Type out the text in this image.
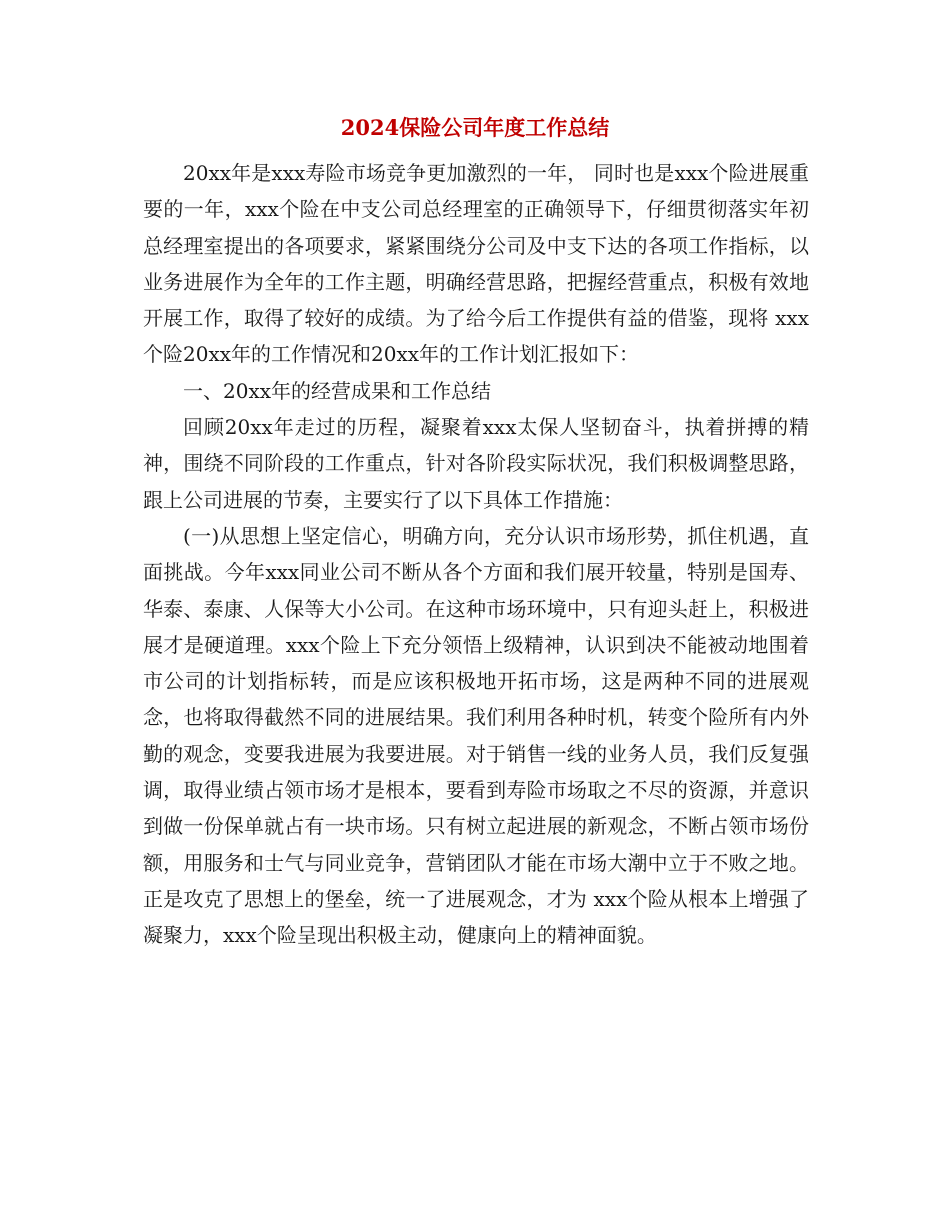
2024保险公司年度工作总结

20xx年是xxx寿险市场竞争更加激烈的一年， 同时也是xxx个险进展重要的一年，xxx个险在中支公司总经理室的正确领导下，仔细贯彻落实年初总经理室提出的各项要求，紧紧围绕分公司及中支下达的各项工作指标，以业务进展作为全年的工作主题，明确经营思路，把握经营重点，积极有效地开展工作，取得了较好的成绩。为了给今后工作提供有益的借鉴，现将 xxx个险20xx年的工作情况和20xx年的工作计划汇报如下：

一、20xx年的经营成果和工作总结

回顾20xx年走过的历程，凝聚着xxx太保人坚韧奋斗，执着拼搏的精神，围绕不同阶段的工作重点，针对各阶段实际状况，我们积极调整思路，跟上公司进展的节奏，主要实行了以下具体工作措施：

(一)从思想上坚定信心，明确方向，充分认识市场形势，抓住机遇，直面挑战。今年xxx同业公司不断从各个方面和我们展开较量，特别是国寿、华泰、泰康、人保等大小公司。在这种市场环境中，只有迎头赶上，积极进展才是硬道理。xxx个险上下充分领悟上级精神，认识到决不能被动地围着市公司的计划指标转，而是应该积极地开拓市场，这是两种不同的进展观念，也将取得截然不同的进展结果。我们利用各种时机，转变个险所有内外勤的观念，变要我进展为我要进展。对于销售一线的业务人员，我们反复强调，取得业绩占领市场才是根本，要看到寿险市场取之不尽的资源，并意识到做一份保单就占有一块市场。只有树立起进展的新观念，不断占领市场份额，用服务和士气与同业竞争，营销团队才能在市场大潮中立于不败之地。正是攻克了思想上的堡垒，统一了进展观念，才为 xxx个险从根本上增强了凝聚力，xxx个险呈现出积极主动，健康向上的精神面貌。
